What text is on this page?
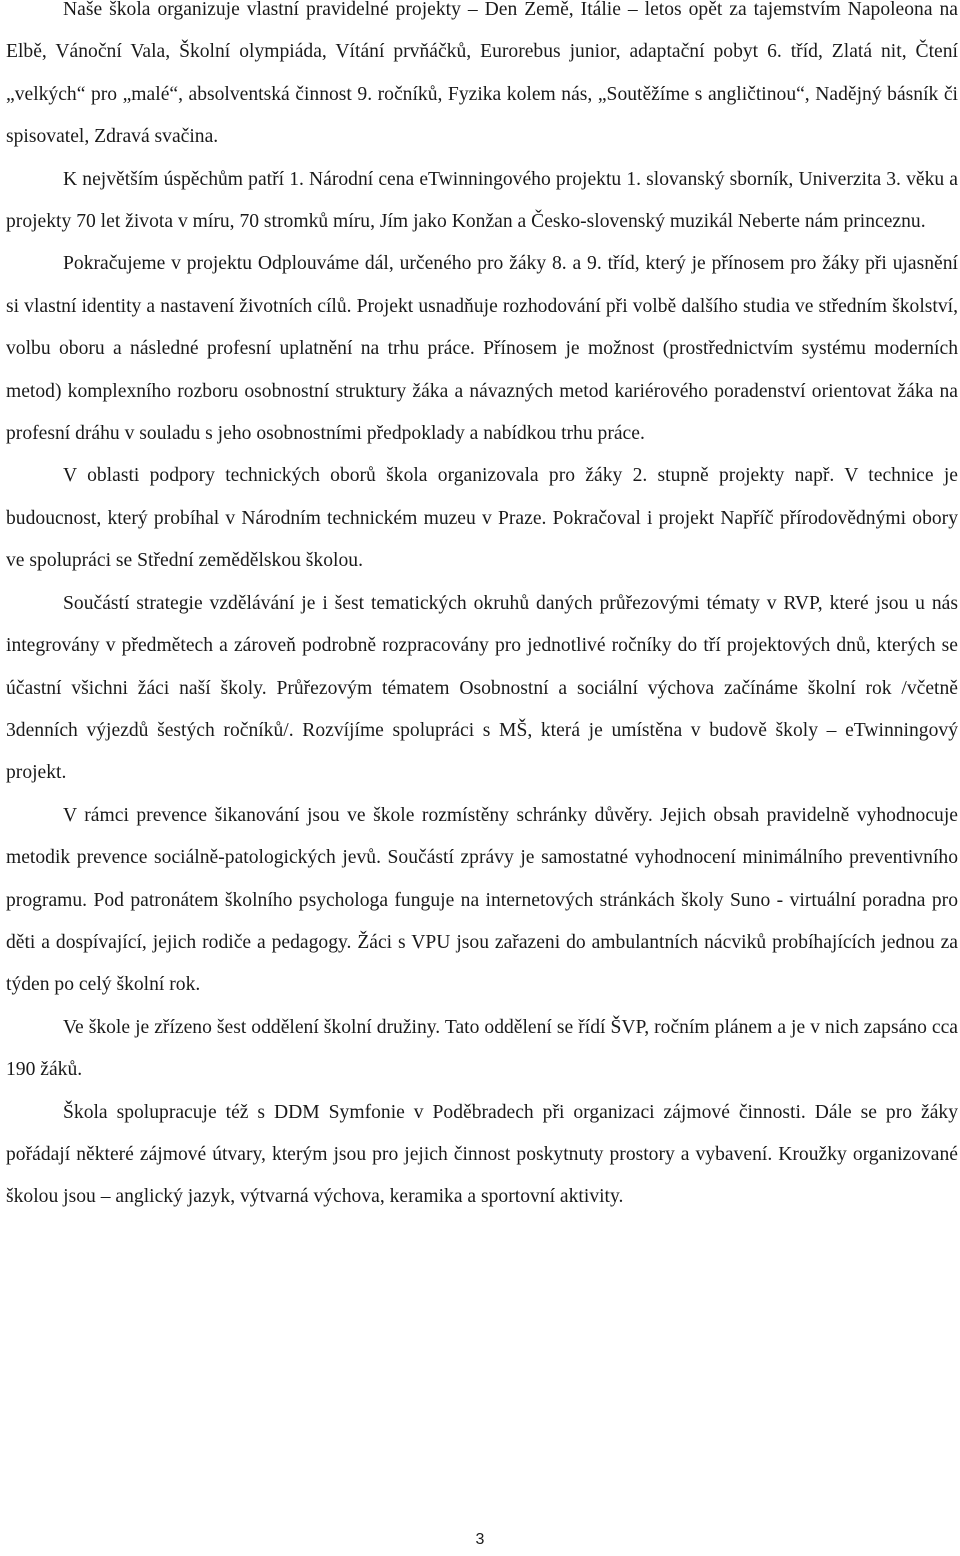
Naše škola organizuje vlastní pravidelné projekty – Den Země, Itálie – letos opět za tajemstvím Napoleona na Elbě, Vánoční Vala, Školní olympiáda, Vítání prvňáčků, Eurorebus junior, adaptační pobyt 6. tříd, Zlatá nit, Čtení „velkých“ pro „malé“, absolventská činnost 9. ročníků, Fyzika kolem nás, „Soutěžíme s angličtinou“, Nadějný básník či spisovatel, Zdravá svačina.

K největším úspěchům patří 1. Národní cena eTwinningového projektu 1. slovanský sborník, Univerzita 3. věku a projekty 70 let života v míru, 70 stromků míru, Jím jako Konžan a Česko-slovenský muzikál Neberte nám princeznu.

Pokračujeme v projektu Odplouváme dál, určeného pro žáky 8. a 9. tříd, který je přínosem pro žáky při ujasnění si vlastní identity a nastavení životních cílů. Projekt usnadňuje rozhodování při volbě dalšího studia ve středním školství, volbu oboru a následné profesní uplatnění na trhu práce. Přínosem je možnost (prostřednictvím systému moderních metod) komplexního rozboru osobnostní struktury žáka a návazných metod kariérového poradenství orientovat žáka na profesní dráhu v souladu s jeho osobnostními předpoklady a nabídkou trhu práce.

V oblasti podpory technických oborů škola organizovala pro žáky 2. stupně projekty např. V technice je budoucnost, který probíhal v Národním technickém muzeu v Praze. Pokračoval i projekt Napříč přírodovědnými obory ve spolupráci se Střední zemědělskou školou.

Součástí strategie vzdělávání je i šest tematických okruhů daných průřezovými tématy v RVP, které jsou u nás integrovány v předmětech a zároveň podrobně rozpracovány pro jednotlivé ročníky do tří projektových dnů, kterých se účastní všichni žáci naší školy. Průřezovým tématem Osobnostní a sociální výchova začínáme školní rok /včetně 3denních výjezdů šestých ročníků/. Rozvíjíme spolupráci s MŠ, která je umístěna v budově školy – eTwinningový projekt.

V rámci prevence šikanování jsou ve škole rozmístěny schránky důvěry. Jejich obsah pravidelně vyhodnocuje metodik prevence sociálně-patologických jevů. Součástí zprávy je samostatné vyhodnocení minimálního preventivního programu. Pod patronátem školního psychologa funguje na internetových stránkách školy Suno - virtuální poradna pro děti a dospívající, jejich rodiče a pedagogy. Žáci s VPU jsou zařazeni do ambulantních nácviků probíhajících jednou za týden po celý školní rok.

Ve škole je zřízeno šest oddělení školní družiny. Tato oddělení se řídí ŠVP, ročním plánem a je v nich zapsáno cca 190 žáků.

Škola spolupracuje též s DDM Symfonie v Poděbradech při organizaci zájmové činnosti. Dále se pro žáky pořádají některé zájmové útvary, kterým jsou pro jejich činnost poskytnuty prostory a vybavení. Kroužky organizované školou jsou – anglický jazyk, výtvarná výchova, keramika a sportovní aktivity.

3
